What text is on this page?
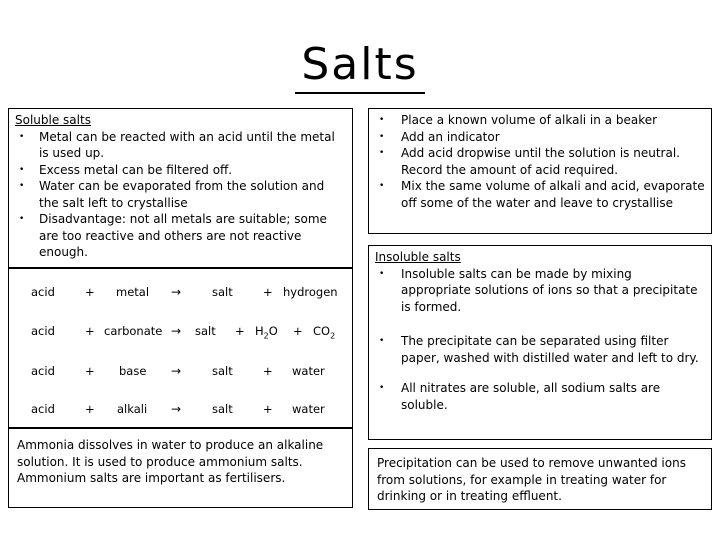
Salts
Soluble salts
• Metal can be reacted with an acid until the metal is used up.
• Excess metal can be filtered off.
• Water can be evaporated from the solution and the salt left to crystallise
• Disadvantage: not all metals are suitable; some are too reactive and others are not reactive enough.
acid	+ metal →	salt	+ hydrogen
acid	+ carbonate → salt + $H_2O + CO_2$
acid	+ base →	salt	+ water
acid	+ alkali →	salt	+ water
Ammonia dissolves in water to produce an alkaline solution. It is used to produce ammonium salts. Ammonium salts are important as fertilisers.
• Place a known volume of alkali in a beaker
• Add an indicator
• Add acid dropwise until the solution is neutral. Record the amount of acid required.
• Mix the same volume of alkali and acid, evaporate off some of the water and leave to crystallise
Insoluble salts
• Insoluble salts can be made by mixing appropriate solutions of ions so that a precipitate is formed.
• The precipitate can be separated using filter paper, washed with distilled water and left to dry.
• All nitrates are soluble, all sodium salts are soluble.
Precipitation can be used to remove unwanted ions from solutions, for example in treating water for drinking or in treating effluent.
